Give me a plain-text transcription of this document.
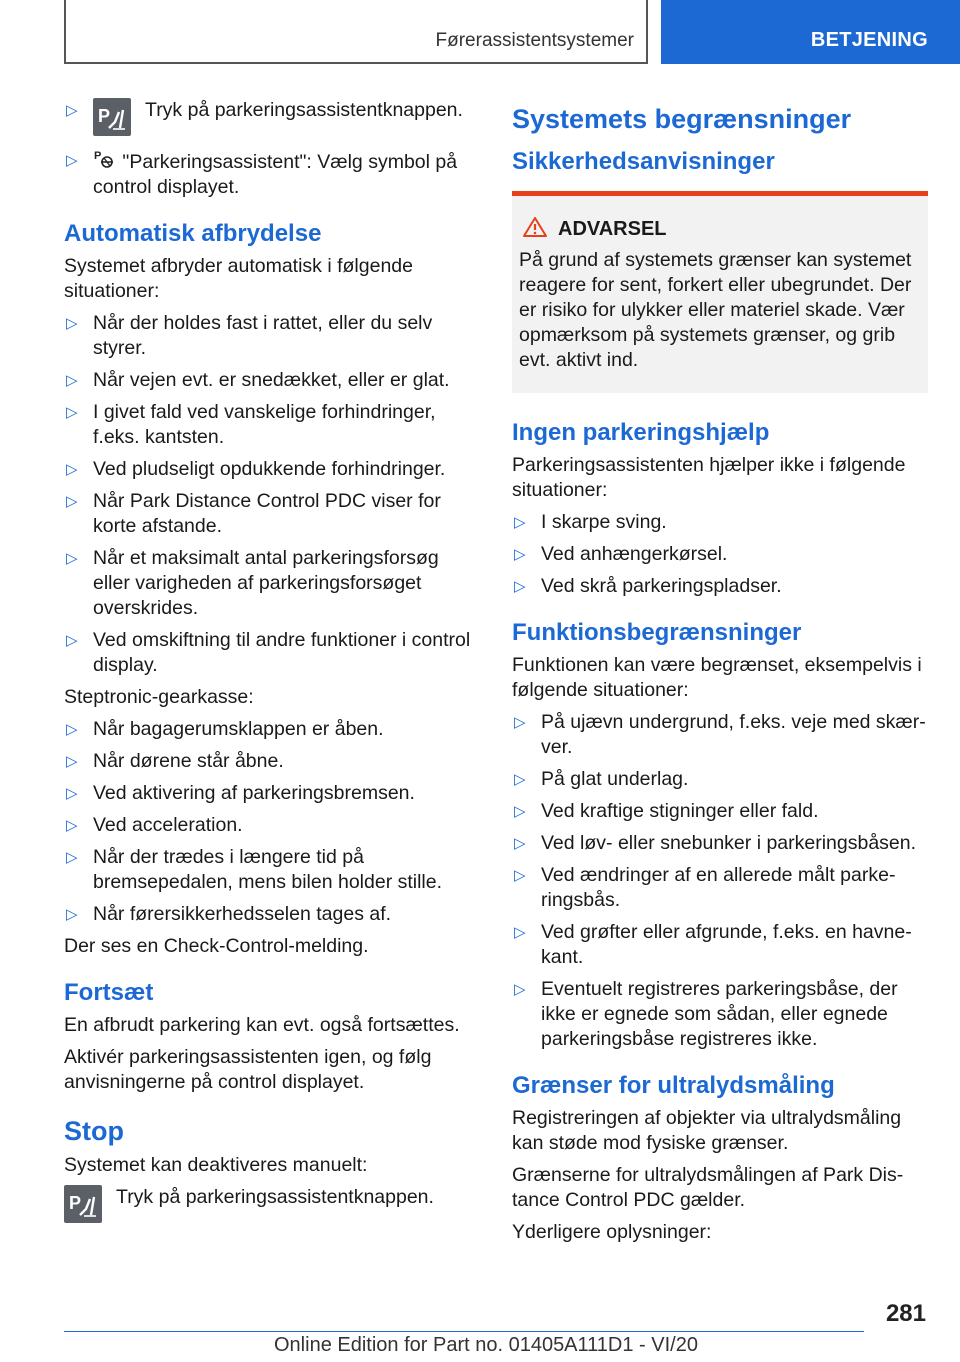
Førerassistentsystemer	BETJENING
▷ P	Tryk på parkeringsassistentknappen.
▷ P "Parkeringsassistent": Vælg symbol på control displayet.
Automatisk afbrydelse

Systemet afbryder automatisk i følgende situationer:

▷ Når der holdes fast i rattet, eller du selv styrer.
▷ Når vejen evt. er snedækket, eller er glat.
▷ I givet fald ved vanskelige forhindringer, f.eks. kantsten.
▷ Ved pludseligt opdukkende forhindringer.
▷ Når Park Distance Control PDC viser for korte afstande.
▷ Når et maksimalt antal parkeringsforsøg eller varigheden af parkeringsforsøget overskrides.
▷ Ved omskiftning til andre funktioner i control display.

Steptronic-gearkasse:

▷ Når bagagerumsklappen er åben.
▷ Når dørene står åbne.
▷ Ved aktivering af parkeringsbremsen.
▷ Ved acceleration.
▷ Når der trædes i længere tid på bremsepedalen, mens bilen holder stille.
▷ Når førersikkerhedsselen tages af.

Der ses en Check-Control-melding.

Fortsæt

En afbrudt parkering kan evt. også fortsættes.

Aktivér parkeringsassistenten igen, og følg anvisningerne på control displayet.

Stop

Systemet kan deaktiveres manuelt:

P	Tryk på parkeringsassistentknappen.
Systemets begrænsninger
Sikkerhedsanvisninger
ADVARSEL
På grund af systemets grænser kan systemet reagere for sent, forkert eller ubegrundet. Der er risiko for ulykker eller materiel skade. Vær opmærksom på systemets grænser, og grib evt. aktivt ind.
Ingen parkeringshjælp

Parkeringsassistenten hjælper ikke i følgende situationer:

▷ I skarpe sving.
▷ Ved anhængerkørsel.
▷ Ved skrå parkeringspladser.
Funktionsbegrænsninger

Funktionen kan være begrænset, eksempelvis i følgende situationer:

▷ På ujævn undergrund, f.eks. veje med skærver.
▷ På glat underlag.
▷ Ved kraftige stigninger eller fald.
▷ Ved løv- eller snebunker i parkeringsbåsen.
▷ Ved ændringer af en allerede målt parkeringsbås.
▷ Ved grøfter eller afgrunde, f.eks. en havnekant.
▷ Eventuelt registreres parkeringsbåse, der ikke er egnede som sådan, eller egnede parkeringsbåse registreres ikke.
Grænser for ultralydsmåling

Registreringen af objekter via ultralydsmåling kan støde mod fysiske grænser.

Grænserne for ultralydsmålingen af Park Distance Control PDC gælder.

Yderligere oplysninger:

281
Online Edition for Part no. 01405A111D1 - VI/20
